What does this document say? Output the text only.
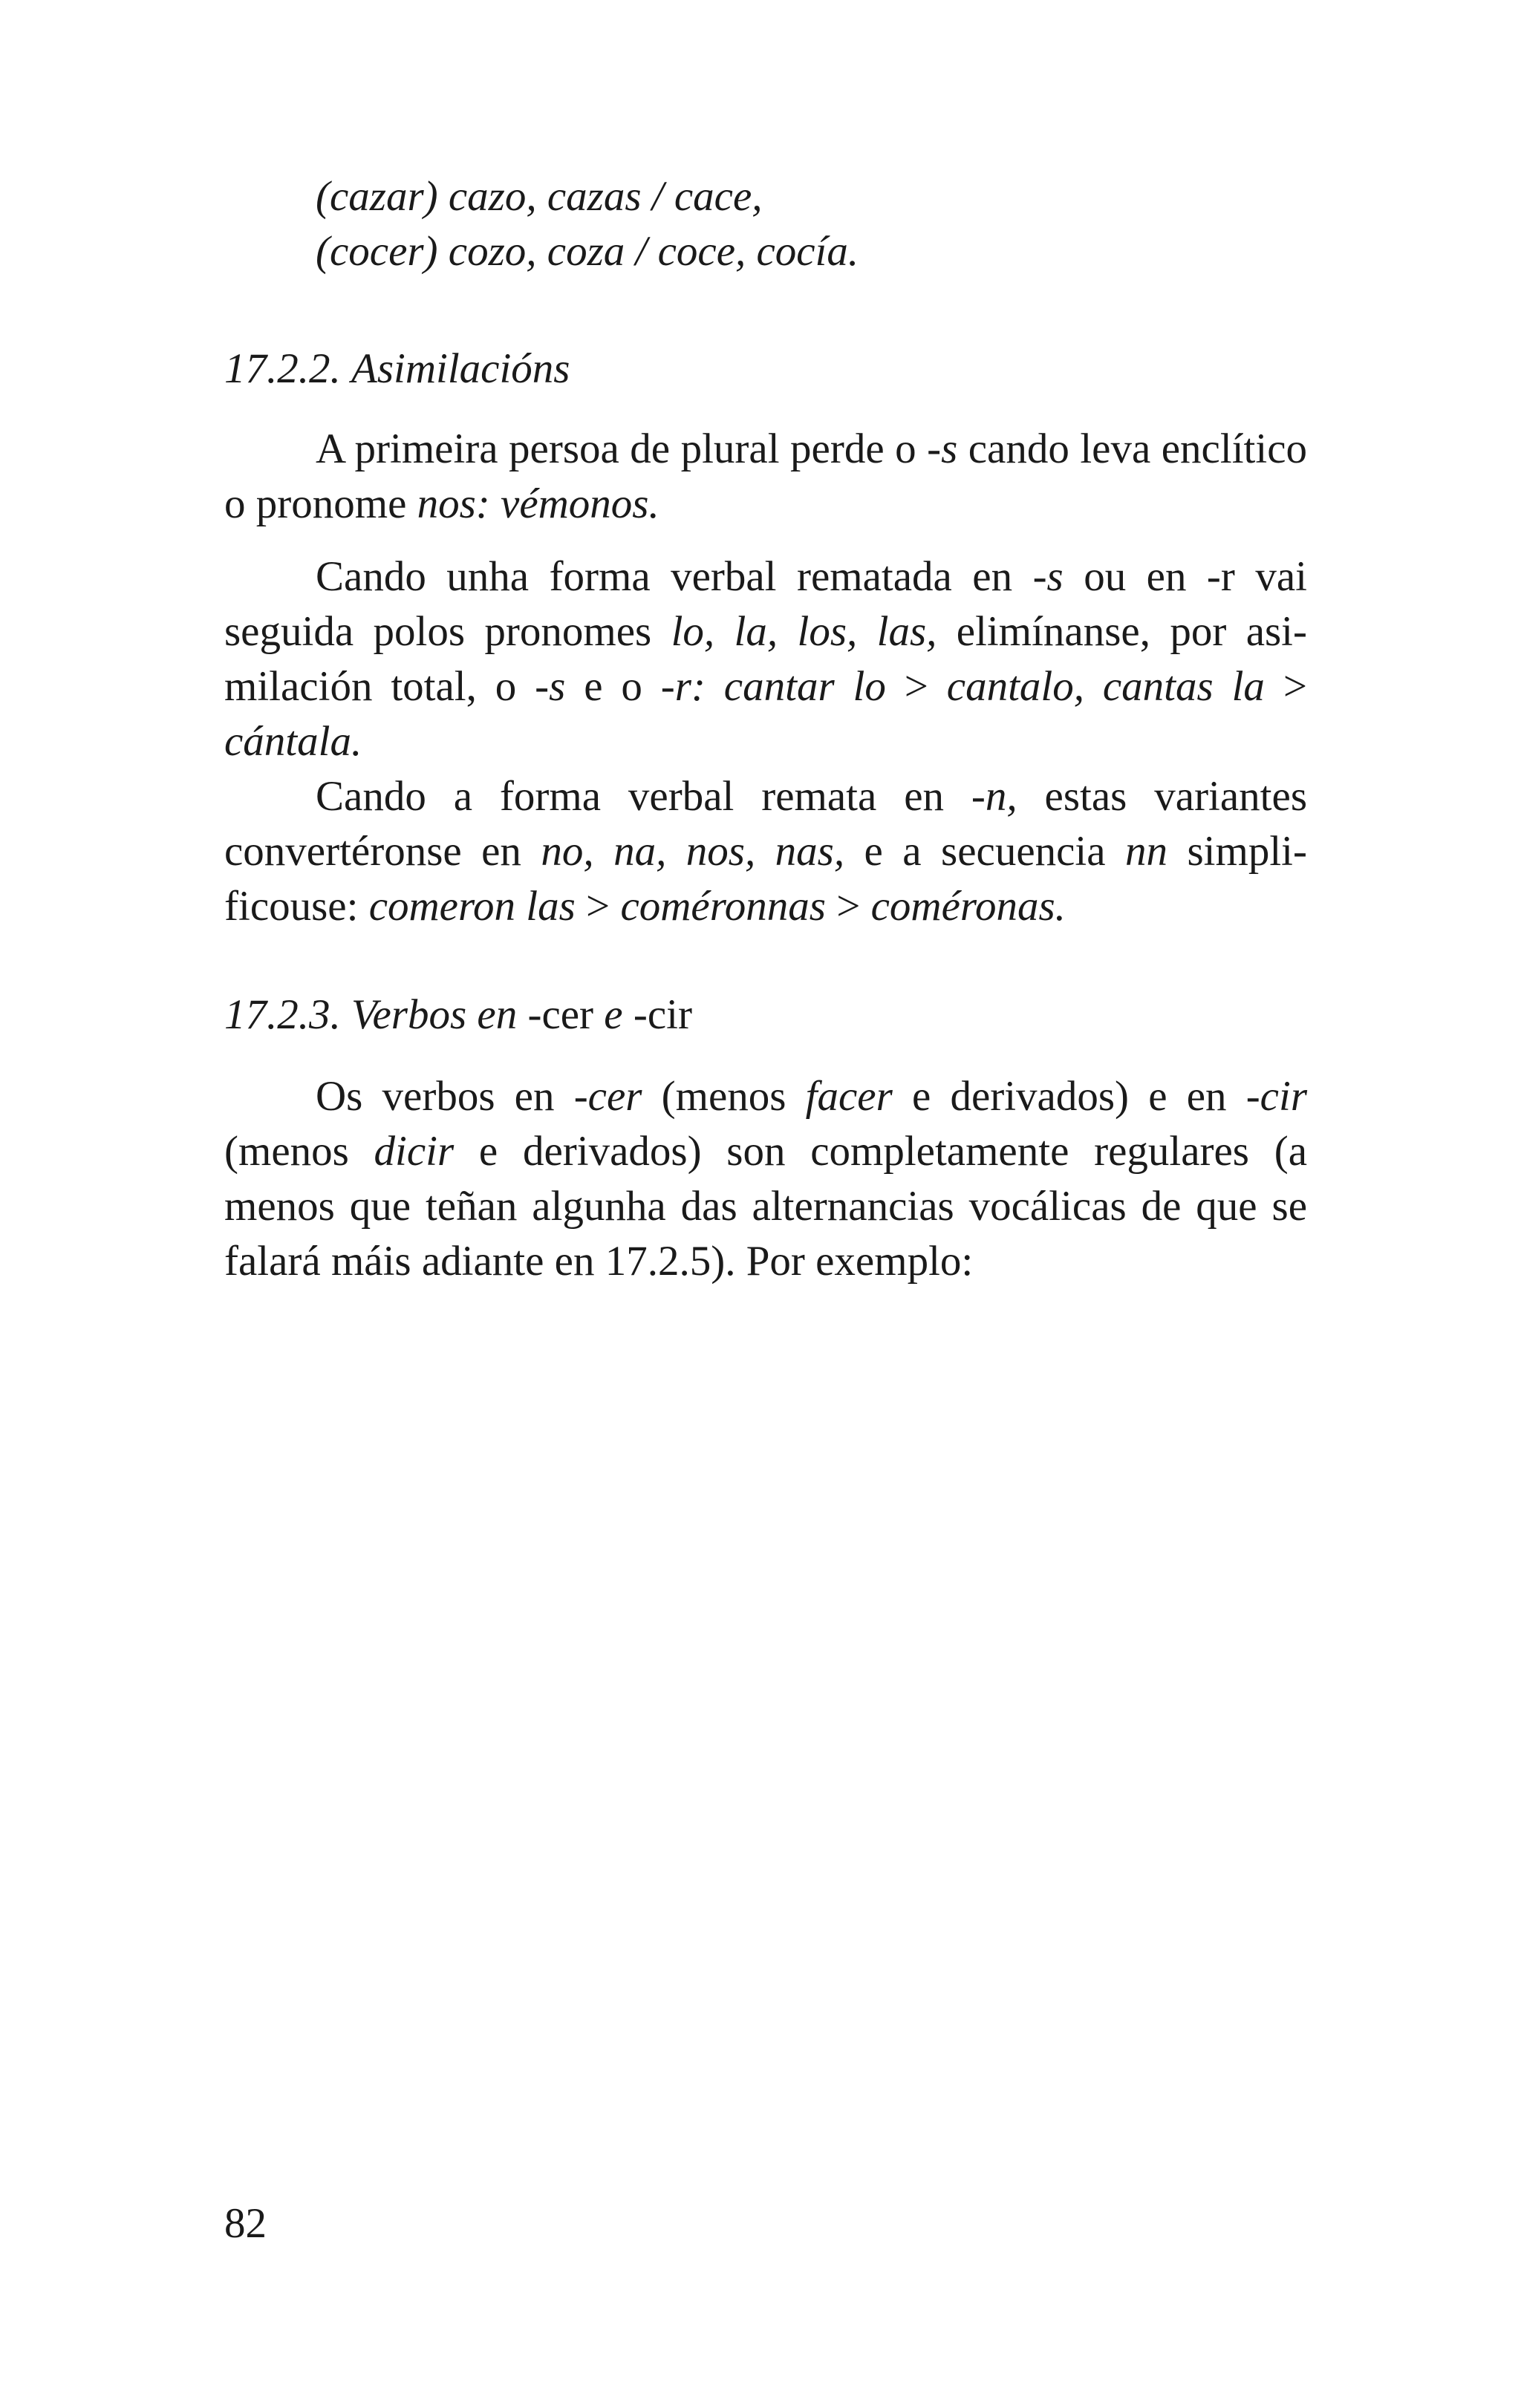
(cazar) cazo, cazas / cace,
(cocer) cozo, coza / coce, cocía.
17.2.2. Asimilacións

A primeira persoa de plural perde o -s cando leva enclítico o pronome nos: vémonos.

Cando unha forma verbal rematada en -s ou en -r vai seguida polos pronomes lo, la, los, las, elimínanse, por asi-milación total, o -s e o -r: cantar lo > cantalo, cantas la > cántala.

Cando a forma verbal remata en -n, estas variantes convertéronse en no, na, nos, nas, e a secuencia nn simpli-ficouse: comeron las > coméronnas > coméronas.

17.2.3. Verbos en -cer e -cir

Os verbos en -cer (menos facer e derivados) e en -cir (menos dicir e derivados) son completamente regulares (a menos que teñan algunha das alternancias vocálicas de que se falará máis adiante en 17.2.5). Por exemplo:

82
